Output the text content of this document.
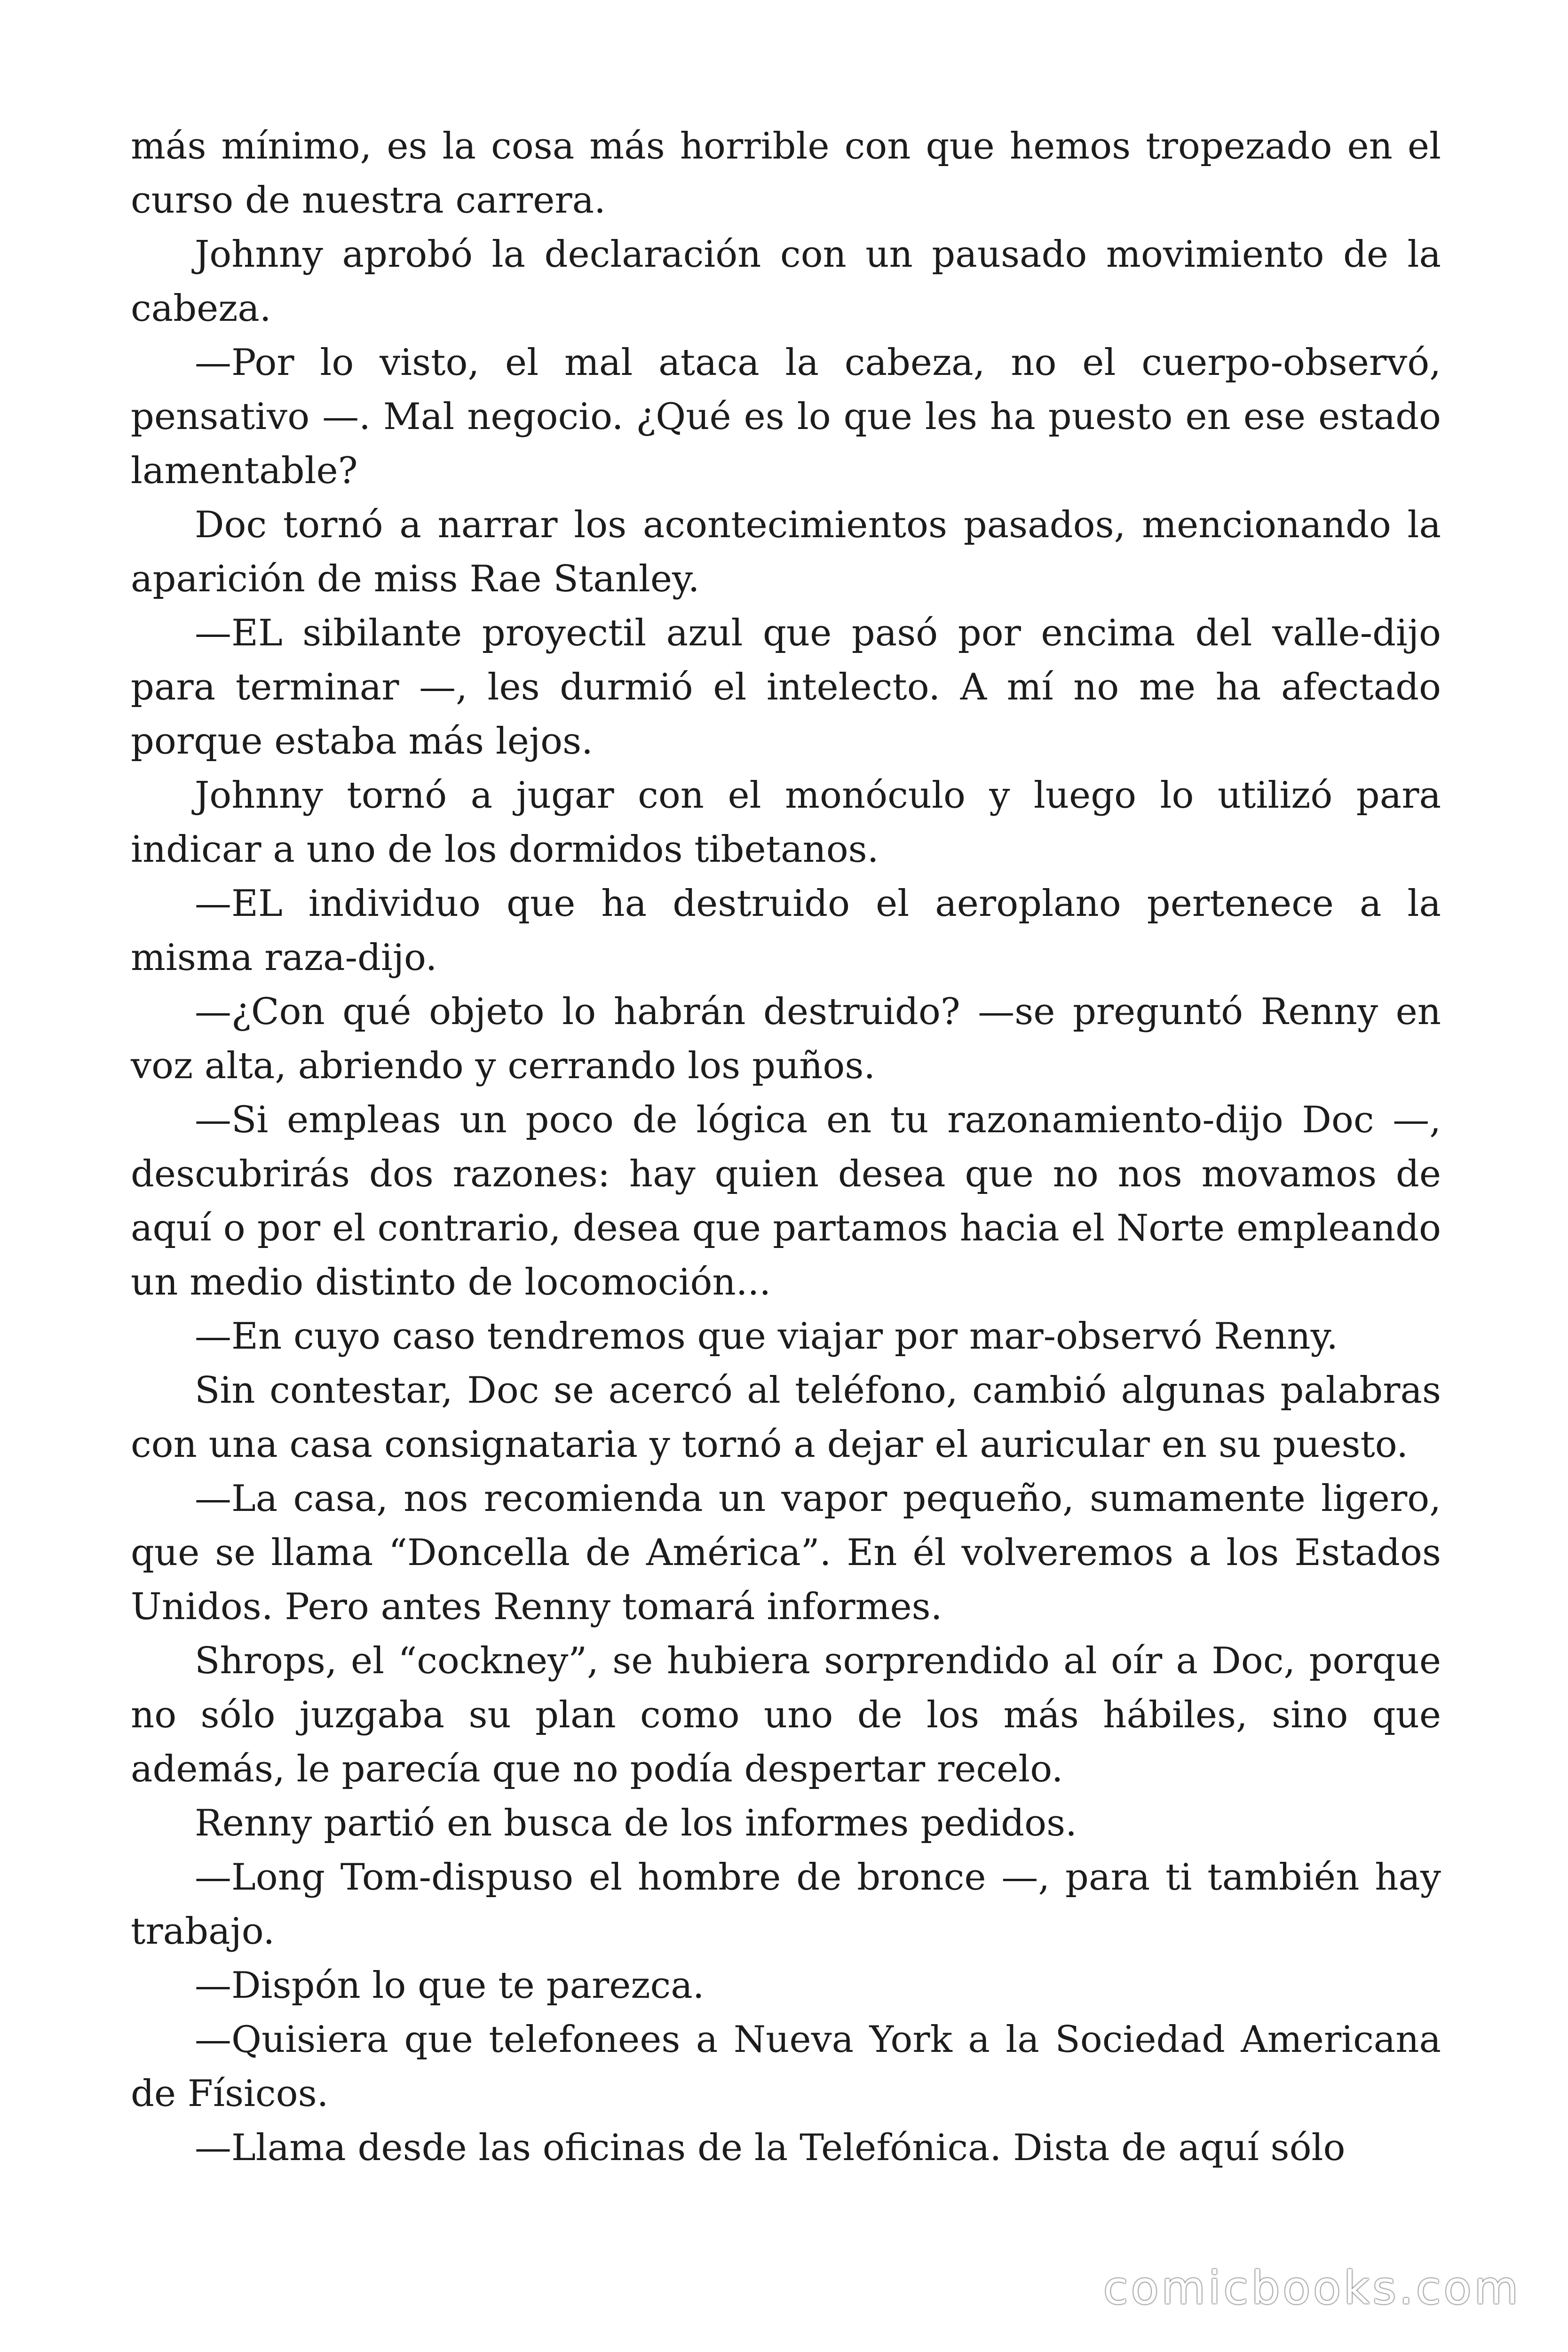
más mínimo, es la cosa más horrible con que hemos tropezado en el curso de nuestra carrera.

Johnny aprobó la declaración con un pausado movimiento de la cabeza.

—Por lo visto, el mal ataca la cabeza, no el cuerpo-observó, pensativo —. Mal negocio. ¿Qué es lo que les ha puesto en ese estado lamentable?

Doc tornó a narrar los acontecimientos pasados, mencionando la aparición de miss Rae Stanley.

—EL sibilante proyectil azul que pasó por encima del valle-dijo para terminar —, les durmió el intelecto. A mí no me ha afectado porque estaba más lejos.

Johnny tornó a jugar con el monóculo y luego lo utilizó para indicar a uno de los dormidos tibetanos.

—EL individuo que ha destruido el aeroplano pertenece a la misma raza-dijo.

—¿Con qué objeto lo habrán destruido? —se preguntó Renny en voz alta, abriendo y cerrando los puños.

—Si empleas un poco de lógica en tu razonamiento-dijo Doc —, descubrirás dos razones: hay quien desea que no nos movamos de aquí o por el contrario, desea que partamos hacia el Norte empleando un medio distinto de locomoción...

—En cuyo caso tendremos que viajar por mar-observó Renny.

Sin contestar, Doc se acercó al teléfono, cambió algunas palabras con una casa consignataria y tornó a dejar el auricular en su puesto.

—La casa, nos recomienda un vapor pequeño, sumamente ligero, que se llama “Doncella de América”. En él volveremos a los Estados Unidos. Pero antes Renny tomará informes.

Shrops, el “cockney”, se hubiera sorprendido al oír a Doc, porque no sólo juzgaba su plan como uno de los más hábiles, sino que además, le parecía que no podía despertar recelo.

Renny partió en busca de los informes pedidos.

—Long Tom-dispuso el hombre de bronce —, para ti también hay trabajo.

—Dispón lo que te parezca.

—Quisiera que telefonees a Nueva York a la Sociedad Americana de Físicos.

—Llama desde las oficinas de la Telefónica. Dista de aquí sólo

comicbooks.com
